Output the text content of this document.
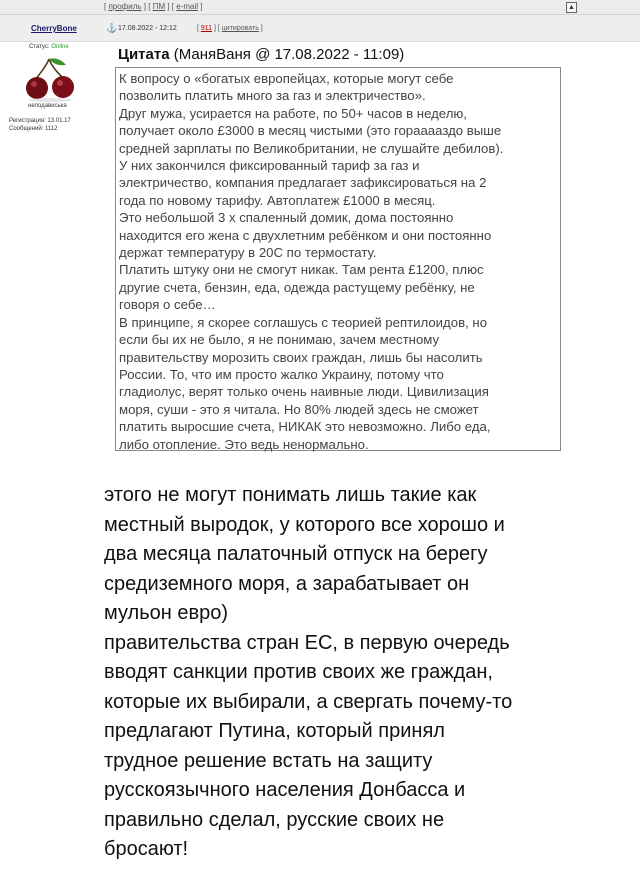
[ профиль ] [ ПМ ] [ e-mail ]	▲
CherryBone	⚓ 17.08.2022 - 12:12	[ 911 ] [ цитировать ]
Статус: Online
неподависька
Регистрация: 13.01.17
Сообщений: 1112
Цитата (МаняВаня @ 17.08.2022 - 11:09)
К вопросу о «богатых европейцах, которые могут себе
позволить платить много за газ и электричество».
Друг мужа, усирается на работе, по 50+ часов в неделю,
получает около £3000 в месяц чистыми (это горааааздо выше
средней зарплаты по Великобритании, не слушайте дебилов).
У них закончился фиксированный тариф за газ и
электричество, компания предлагает зафиксироваться на 2
года по новому тарифу. Автоплатеж £1000 в месяц.
Это небольшой 3 х спаленный домик, дома постоянно
находится его жена с двухлетним ребёнком и они постоянно
держат температуру в 20С по термостату.
Платить штуку они не смогут никак. Там рента £1200, плюс
другие счета, бензин, еда, одежда растущему ребёнку, не
говоря о себе…
В принципе, я скорее соглашусь с теорией рептилоидов, но
если бы их не было, я не понимаю, зачем местному
правительству морозить своих граждан, лишь бы насолить
России. То, что им просто жалко Украину, потому что
гладиолус, верят только очень наивные люди. Цивилизация
моря, суши - это я читала. Но 80% людей здесь не сможет
платить выросшие счета, НИКАК это невозможно. Либо еда,
либо отопление. Это ведь ненормально.
этого не могут понимать лишь такие как
местный выродок, у которого все хорошо и
два месяца палаточный отпуск на берегу
средиземного моря, а зарабатывает он
мульон евро)
правительства стран ЕС, в первую очередь
вводят санкции против своих же граждан,
которые их выбирали, а свергать почему-то
предлагают Путина, который принял
трудное решение встать на защиту
русскоязычного населения Донбасса и
правильно сделал, русские своих не
бросают!
